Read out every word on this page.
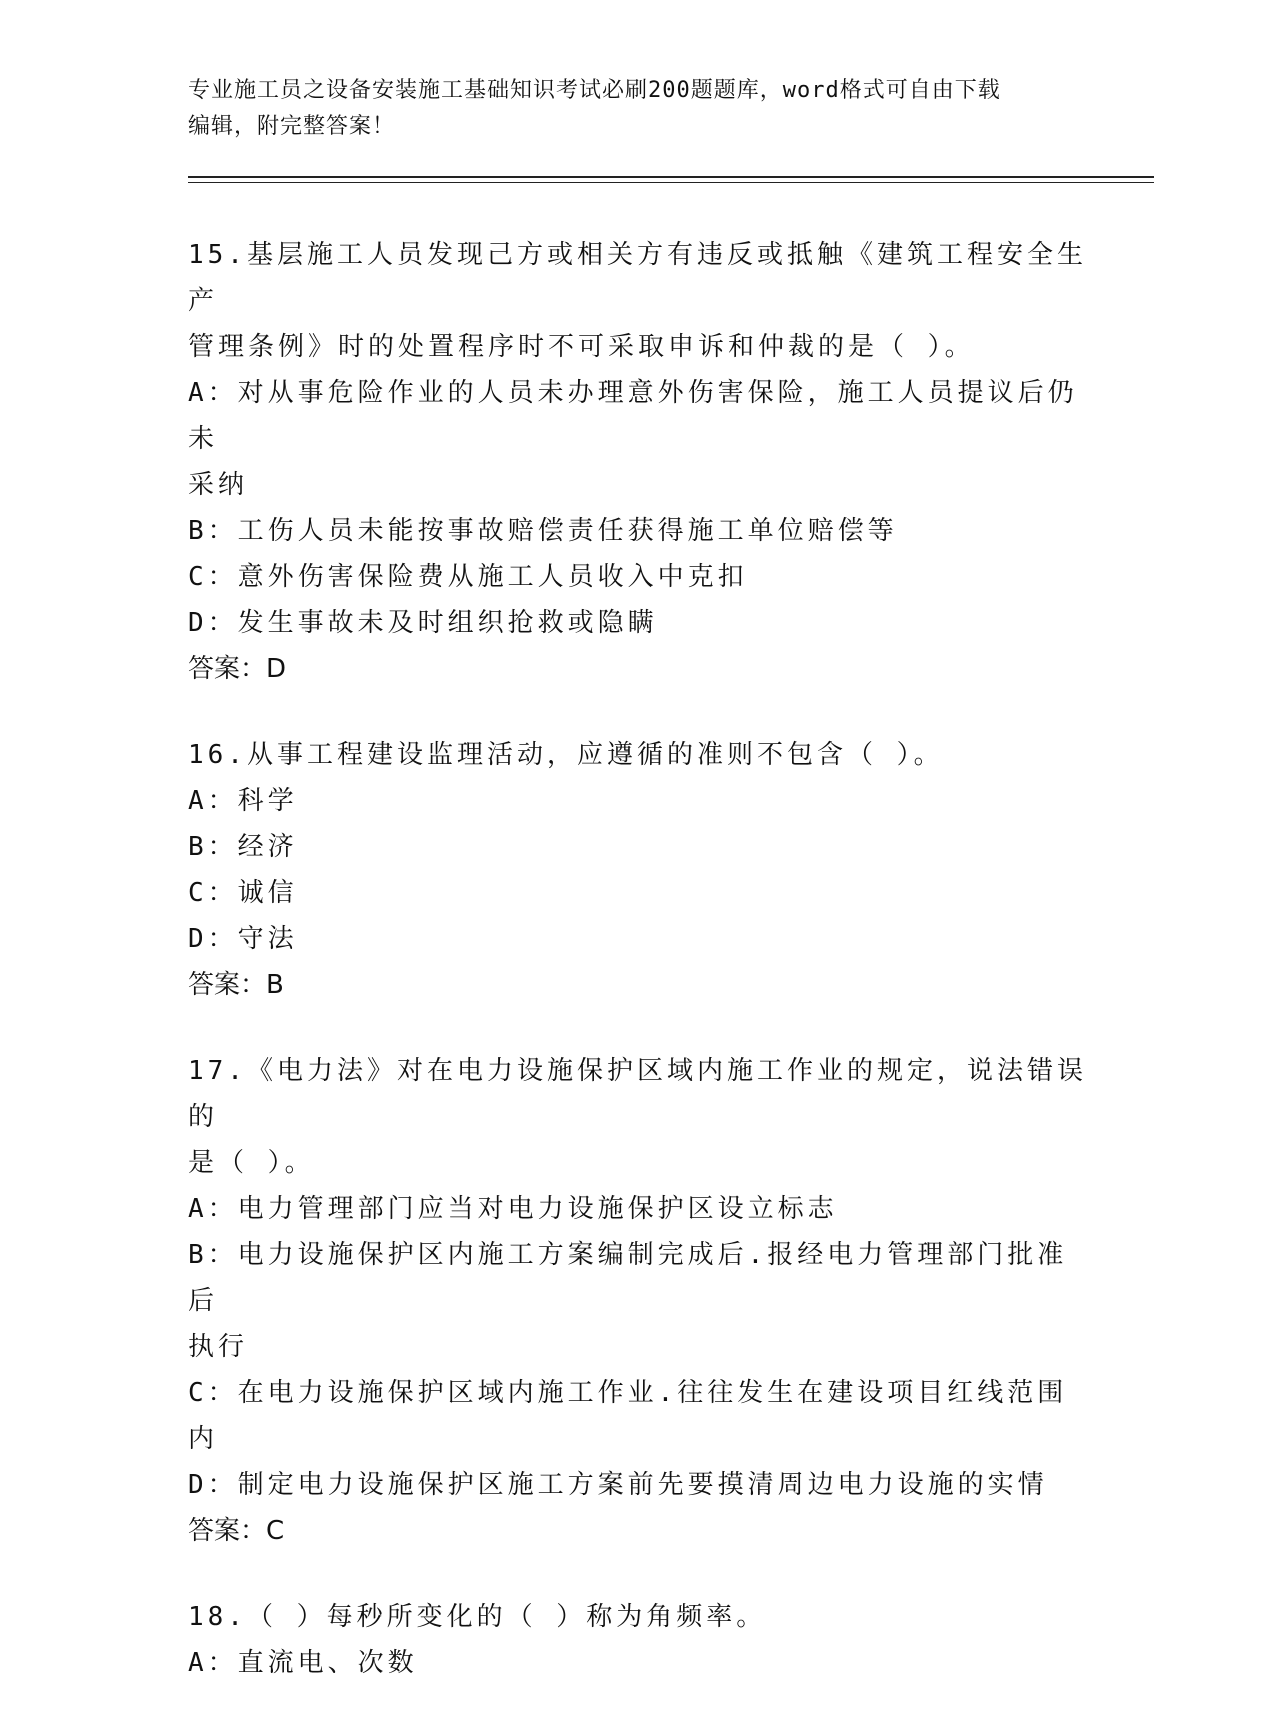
专业施工员之设备安装施工基础知识考试必刷200题题库，word格式可自由下载
编辑，附完整答案！
15.基层施工人员发现己方或相关方有违反或抵触《建筑工程安全生产
管理条例》时的处置程序时不可采取申诉和仲裁的是（ ）。
A：对从事危险作业的人员未办理意外伤害保险，施工人员提议后仍未
采纳
B：工伤人员未能按事故赔偿责任获得施工单位赔偿等
C：意外伤害保险费从施工人员收入中克扣
D：发生事故未及时组织抢救或隐瞒
答案：D
16.从事工程建设监理活动，应遵循的准则不包含（ ）。
A：科学
B：经济
C：诚信
D：守法
答案：B
17.《电力法》对在电力设施保护区域内施工作业的规定，说法错误的
是（ ）。
A：电力管理部门应当对电力设施保护区设立标志
B：电力设施保护区内施工方案编制完成后.报经电力管理部门批准后
执行
C：在电力设施保护区域内施工作业.往往发生在建设项目红线范围内
D：制定电力设施保护区施工方案前先要摸清周边电力设施的实情
答案：C
18.（ ）每秒所变化的（ ）称为角频率。
A：直流电、次数
